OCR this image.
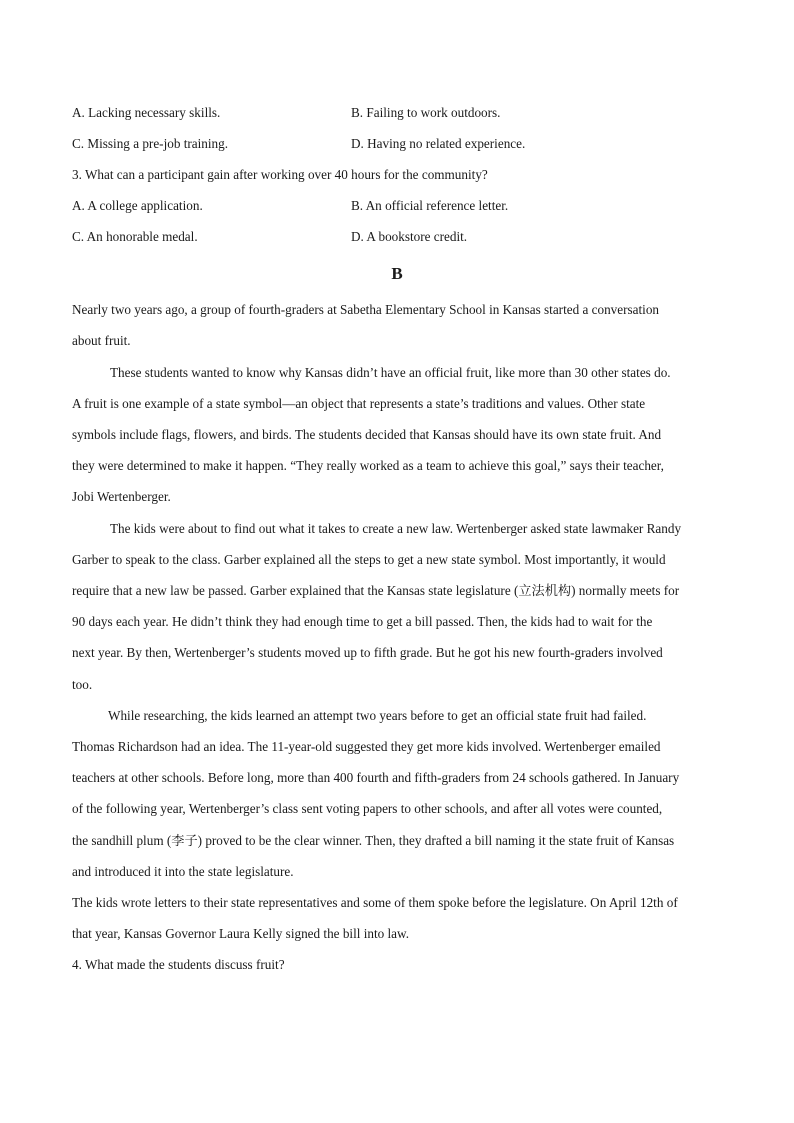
A. Lacking necessary skills.	B. Failing to work outdoors.
C. Missing a pre-job training.	D. Having no related experience.
3. What can a participant gain after working over 40 hours for the community?
A. A college application.	B. An official reference letter.
C. An honorable medal.	D. A bookstore credit.
B
Nearly two years ago, a group of fourth-graders at Sabetha Elementary School in Kansas started a conversation
about fruit.
These students wanted to know why Kansas didn’t have an official fruit, like more than 30 other states do.
A fruit is one example of a state symbol—an object that represents a state’s traditions and values. Other state
symbols include flags, flowers, and birds. The students decided that Kansas should have its own state fruit. And
they were determined to make it happen. “They really worked as a team to achieve this goal,” says their teacher,
Jobi Wertenberger.
The kids were about to find out what it takes to create a new law. Wertenberger asked state lawmaker Randy
Garber to speak to the class. Garber explained all the steps to get a new state symbol. Most importantly, it would
require that a new law be passed. Garber explained that the Kansas state legislature (立法机构) normally meets for
90 days each year. He didn’t think they had enough time to get a bill passed. Then, the kids had to wait for the
next year. By then, Wertenberger’s students moved up to fifth grade. But he got his new fourth-graders involved
too.
While researching, the kids learned an attempt two years before to get an official state fruit had failed.
Thomas Richardson had an idea. The 11-year-old suggested they get more kids involved. Wertenberger emailed
teachers at other schools. Before long, more than 400 fourth and fifth-graders from 24 schools gathered. In January
of the following year, Wertenberger’s class sent voting papers to other schools, and after all votes were counted,
the sandhill plum (李子) proved to be the clear winner. Then, they drafted a bill naming it the state fruit of Kansas
and introduced it into the state legislature.
The kids wrote letters to their state representatives and some of them spoke before the legislature. On April 12th of
that year, Kansas Governor Laura Kelly signed the bill into law.
4. What made the students discuss fruit?
